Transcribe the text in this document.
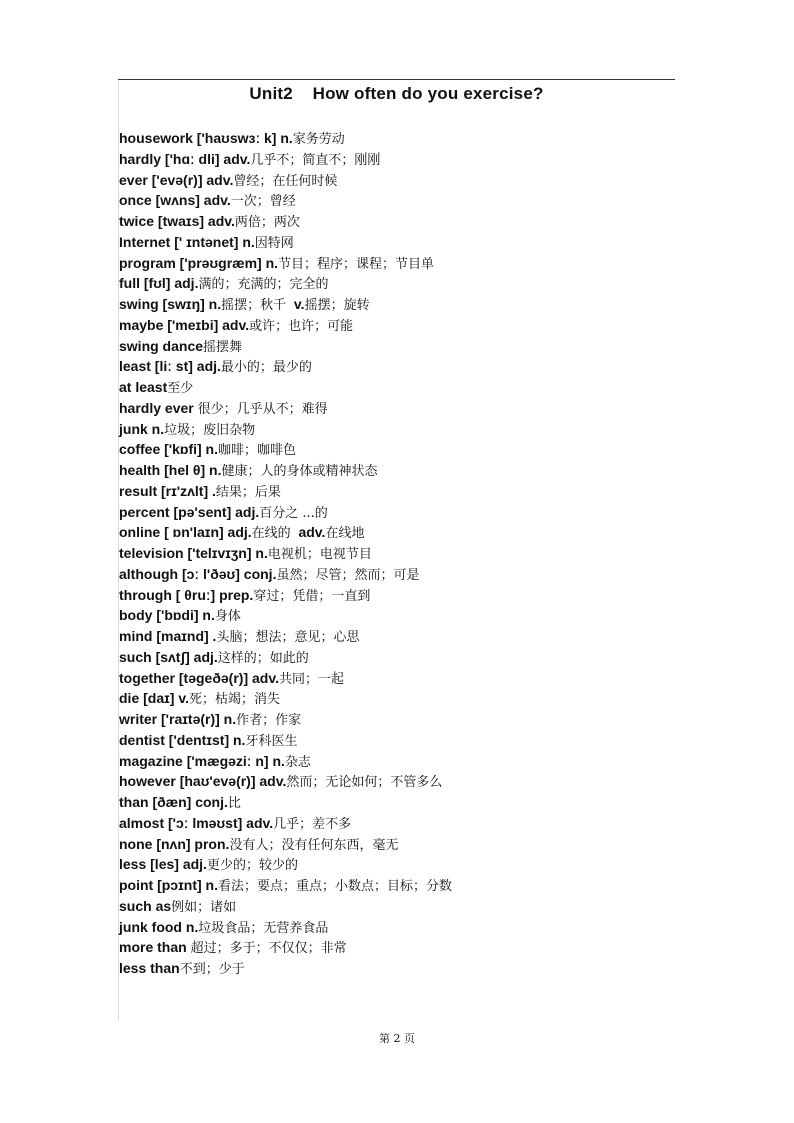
Unit2 How often do you exercise?
housework ['haʊswɜː k] n.家务劳动
hardly ['hɑː dli] adv.几乎不；简直不；刚刚
ever ['evə(r)] adv.曾经；在任何时候
once [wʌns] adv.一次；曾经
twice [twaɪs] adv.两倍；两次
Internet [' ɪntənet] n.因特网
program ['prəʊɡræm] n.节目；程序；课程；节目单
full [fʊl] adj.满的；充满的；完全的
swing [swɪŋ] n.摇摆；秋千 v.摇摆；旋转
maybe ['meɪbi] adv.或许；也许；可能
swing dance摇摆舞
least [liː st] adj.最小的；最少的
at least至少
hardly ever 很少；几乎从不；难得
junk n.垃圾；废旧杂物
coffee ['kɒfi] n.咖啡；咖啡色
health [hel θ] n.健康；人的身体或精神状态
result [rɪ'zʌlt] .结果；后果
percent [pə'sent] adj.百分之 ...的
online [ ɒn'laɪn] adj.在线的 adv.在线地
television ['telɪvɪʒn] n.电视机；电视节目
although [ɔː l'ðəʊ] conj.虽然；尽管；然而；可是
through [ θruː] prep.穿过；凭借；一直到
body ['bɒdi] n.身体
mind [maɪnd] .头脑；想法；意见；心思
such [sʌtʃ] adj.这样的；如此的
together [təɡeðə(r)] adv.共同；一起
die [daɪ] v.死；枯竭；消失
writer ['raɪtə(r)] n.作者；作家
dentist ['dentɪst] n.牙科医生
magazine ['mæɡəziː n] n.杂志
however [haʊ'evə(r)] adv.然而；无论如何；不管多么
than [ðæn] conj.比
almost ['ɔː lməʊst] adv.几乎；差不多
none [nʌn] pron.没有人；没有任何东西，毫无
less [les] adj.更少的；较少的
point [pɔɪnt] n.看法；要点；重点；小数点；目标；分数
such as例如；诸如
junk food n.垃圾食品；无营养食品
more than 超过；多于；不仅仅；非常
less than不到；少于
第 2 页
